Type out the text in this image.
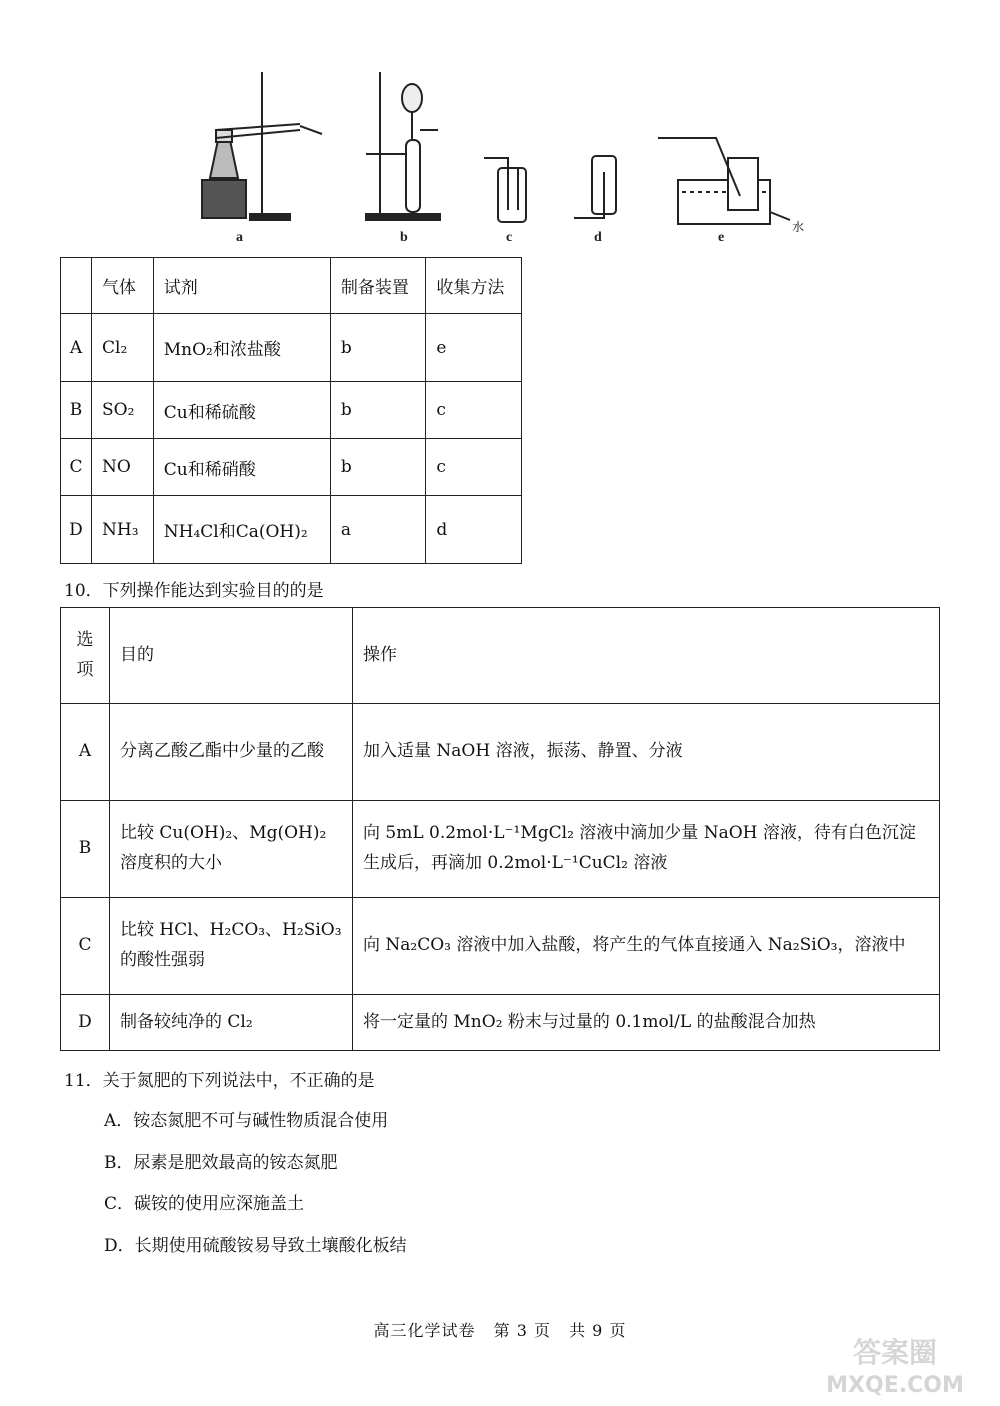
a	b	c	d	e
水
	气体	试剂	制备装置	收集方法
A	Cl₂	MnO₂和浓盐酸	b	e
B	SO₂	Cu和稀硫酸	b	c
C	NO	Cu和稀硝酸	b	c
D	NH₃	NH₄Cl和Ca(OH)₂	a	d
10．下列操作能达到实验目的的是
选项	目的	操作
A	分离乙酸乙酯中少量的乙酸	加入适量 NaOH 溶液，振荡、静置、分液
B	比较 Cu(OH)₂、Mg(OH)₂ 溶度积的大小	向 5mL 0.2mol·L⁻¹MgCl₂ 溶液中滴加少量 NaOH 溶液，待有白色沉淀生成后，再滴加 0.2mol·L⁻¹CuCl₂ 溶液
C	比较 HCl、H₂CO₃、H₂SiO₃ 的酸性强弱	向 Na₂CO₃ 溶液中加入盐酸，将产生的气体直接通入 Na₂SiO₃，溶液中
D	制备较纯净的 Cl₂	将一定量的 MnO₂ 粉末与过量的 0.1mol/L 的盐酸混合加热
11．关于氮肥的下列说法中，不正确的是
A．铵态氮肥不可与碱性物质混合使用
B．尿素是肥效最高的铵态氮肥
C．碳铵的使用应深施盖土
D．长期使用硫酸铵易导致土壤酸化板结
高三化学试卷 第 3 页 共 9 页
答案圈
MXQE.COM
